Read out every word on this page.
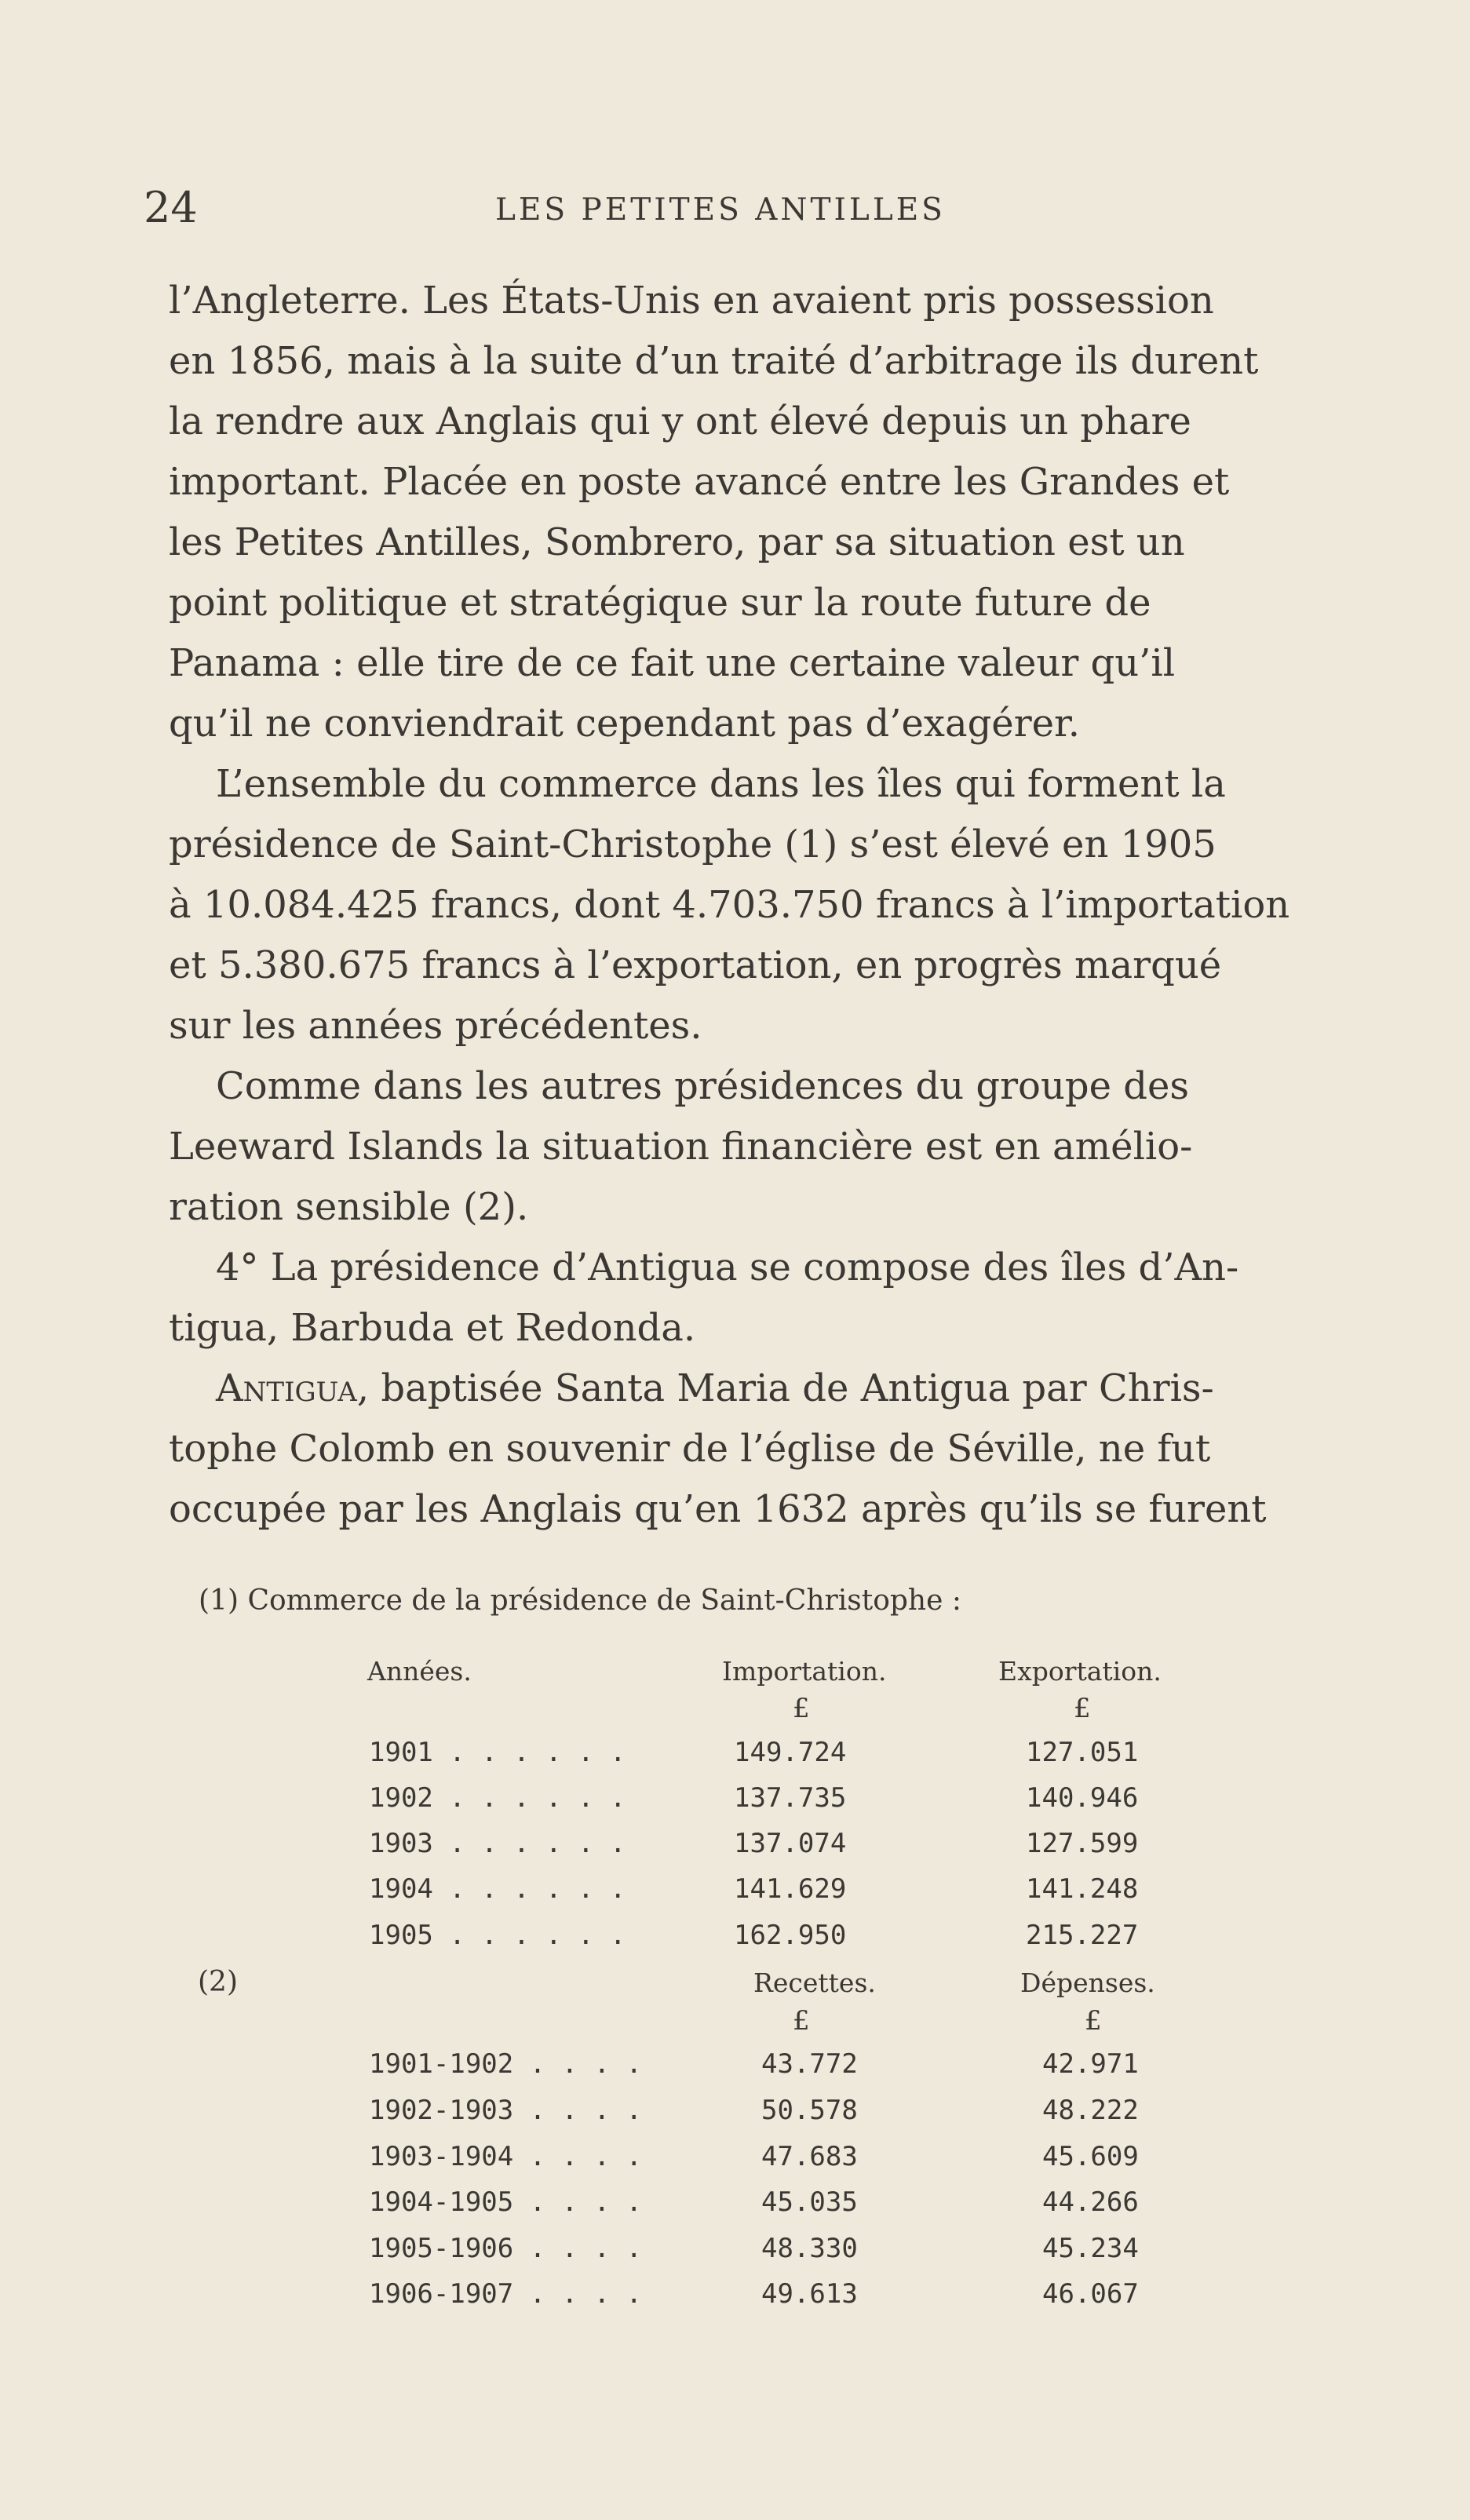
24	LES PETITES ANTILLES
l’Angleterre. Les États-Unis en avaient pris possession
en 1856, mais à la suite d’un traité d’arbitrage ils durent
la rendre aux Anglais qui y ont élevé depuis un phare
important. Placée en poste avancé entre les Grandes et
les Petites Antilles, Sombrero, par sa situation est un
point politique et stratégique sur la route future de
Panama : elle tire de ce fait une certaine valeur qu’il
qu’il ne conviendrait cependant pas d’exagérer.
L’ensemble du commerce dans les îles qui forment la
présidence de Saint-Christophe (1) s’est élevé en 1905
à 10.084.425 francs, dont 4.703.750 francs à l’importation
et 5.380.675 francs à l’exportation, en progrès marqué
sur les années précédentes.
Comme dans les autres présidences du groupe des
Leeward Islands la situation financière est en amélio-
ration sensible (2).
4° La présidence d’Antigua se compose des îles d’An-
tigua, Barbuda et Redonda.
Antigua, baptisée Santa Maria de Antigua par Chris-
tophe Colomb en souvenir de l’église de Séville, ne fut
occupée par les Anglais qu’en 1632 après qu’ils se furent
(1) Commerce de la présidence de Saint-Christophe :
Années.	Importation.	Exportation.
£	£
1901 . . . . . .	149.724	127.051
1902 . . . . . .	137.735	140.946
1903 . . . . . .	137.074	127.599
1904 . . . . . .	141.629	141.248
1905 . . . . . .	162.950	215.227
(2)	Recettes.	Dépenses.
£	£
1901-1902 . . . .	43.772	42.971
1902-1903 . . . .	50.578	48.222
1903-1904 . . . .	47.683	45.609
1904-1905 . . . .	45.035	44.266
1905-1906 . . . .	48.330	45.234
1906-1907 . . . .	49.613	46.067
